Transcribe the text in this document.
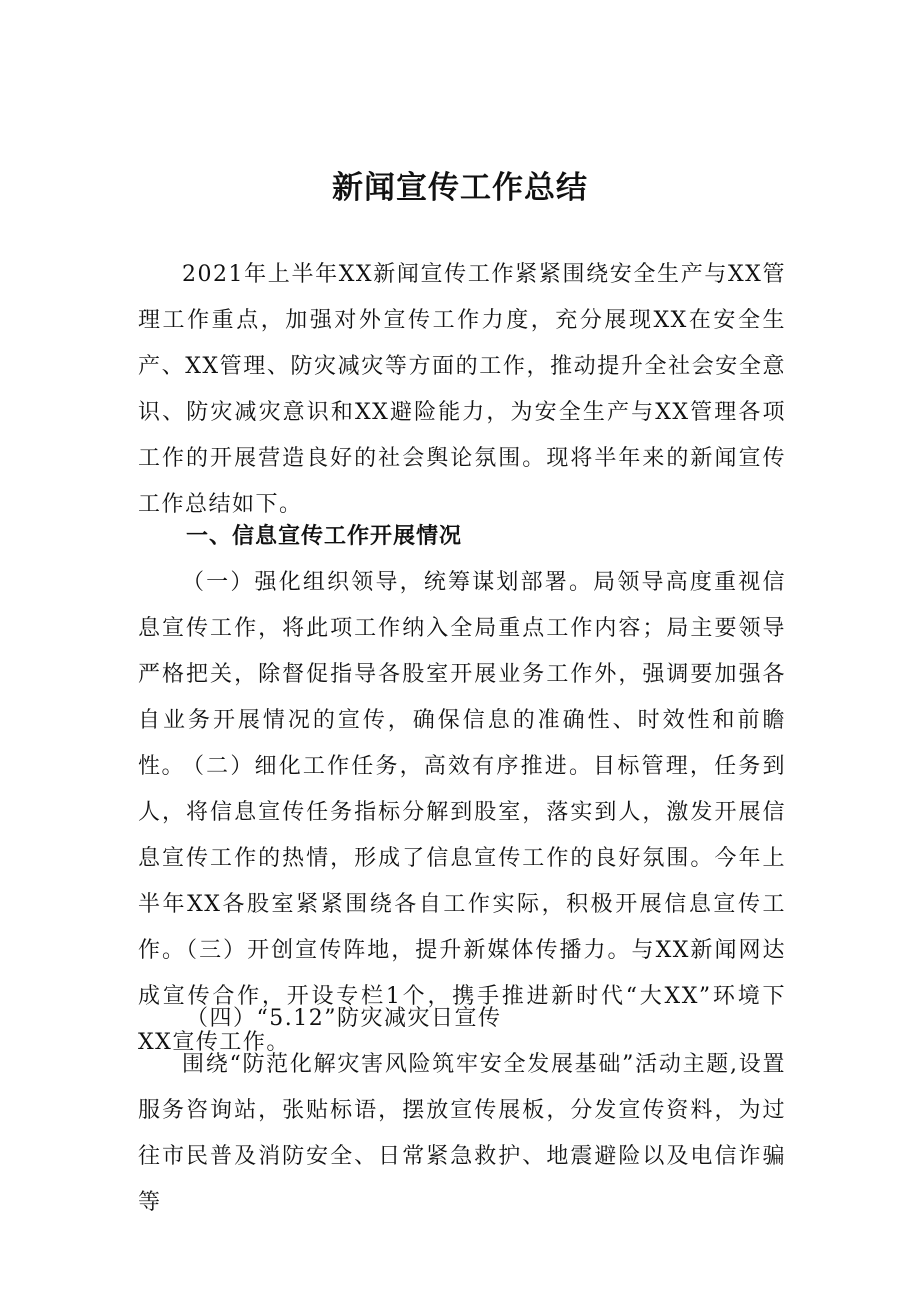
新闻宣传工作总结

2021年上半年XX新闻宣传工作紧紧围绕安全生产与XX管理工作重点，加强对外宣传工作力度，充分展现XX在安全生产、XX管理、防灾减灾等方面的工作，推动提升全社会安全意识、防灾减灾意识和XX避险能力，为安全生产与XX管理各项工作的开展营造良好的社会舆论氛围。现将半年来的新闻宣传工作总结如下。

一、信息宣传工作开展情况

（一）强化组织领导，统筹谋划部署。局领导高度重视信息宣传工作，将此项工作纳入全局重点工作内容；局主要领导严格把关，除督促指导各股室开展业务工作外，强调要加强各自业务开展情况的宣传，确保信息的准确性、时效性和前瞻性。

（二）细化工作任务，高效有序推进。目标管理，任务到人，将信息宣传任务指标分解到股室，落实到人，激发开展信息宣传工作的热情，形成了信息宣传工作的良好氛围。今年上半年XX各股室紧紧围绕各自工作实际，积极开展信息宣传工作。（三）开创宣传阵地，提升新媒体传播力。与XX新闻网达成宣传合作，开设专栏1个，携手推进新时代“大XX”环境下XX宣传工作。

（四）“5.12”防灾减灾日宣传

围绕“防范化解灾害风险筑牢安全发展基础”活动主题,设置服务咨询站，张贴标语，摆放宣传展板，分发宣传资料，为过往市民普及消防安全、日常紧急救护、地震避险以及电信诈骗等
